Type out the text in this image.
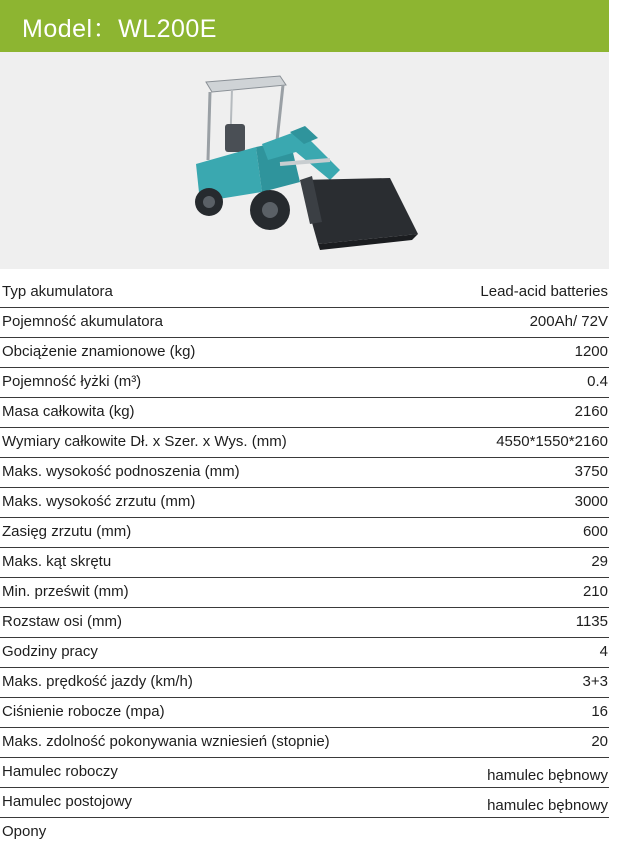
Model：WL200E
Typ akumulatora	Lead-acid batteries
Pojemność akumulatora	200Ah/ 72V
Obciążenie znamionowe (kg)	1200
Pojemność łyżki (m³)	0.4
Masa całkowita (kg)	2160
Wymiary całkowite Dł. x Szer. x Wys. (mm)	4550*1550*2160
Maks. wysokość podnoszenia (mm)	3750
Maks. wysokość zrzutu (mm)	3000
Zasięg zrzutu (mm)	600
Maks. kąt skrętu	29
Min. prześwit (mm)	210
Rozstaw osi (mm)	1135
Godziny pracy	4
Maks. prędkość jazdy (km/h)	3+3
Ciśnienie robocze (mpa)	16
Maks. zdolność pokonywania wzniesień (stopnie)	20
Hamulec roboczy	hamulec bębnowy
Hamulec postojowy	hamulec bębnowy
Opony
